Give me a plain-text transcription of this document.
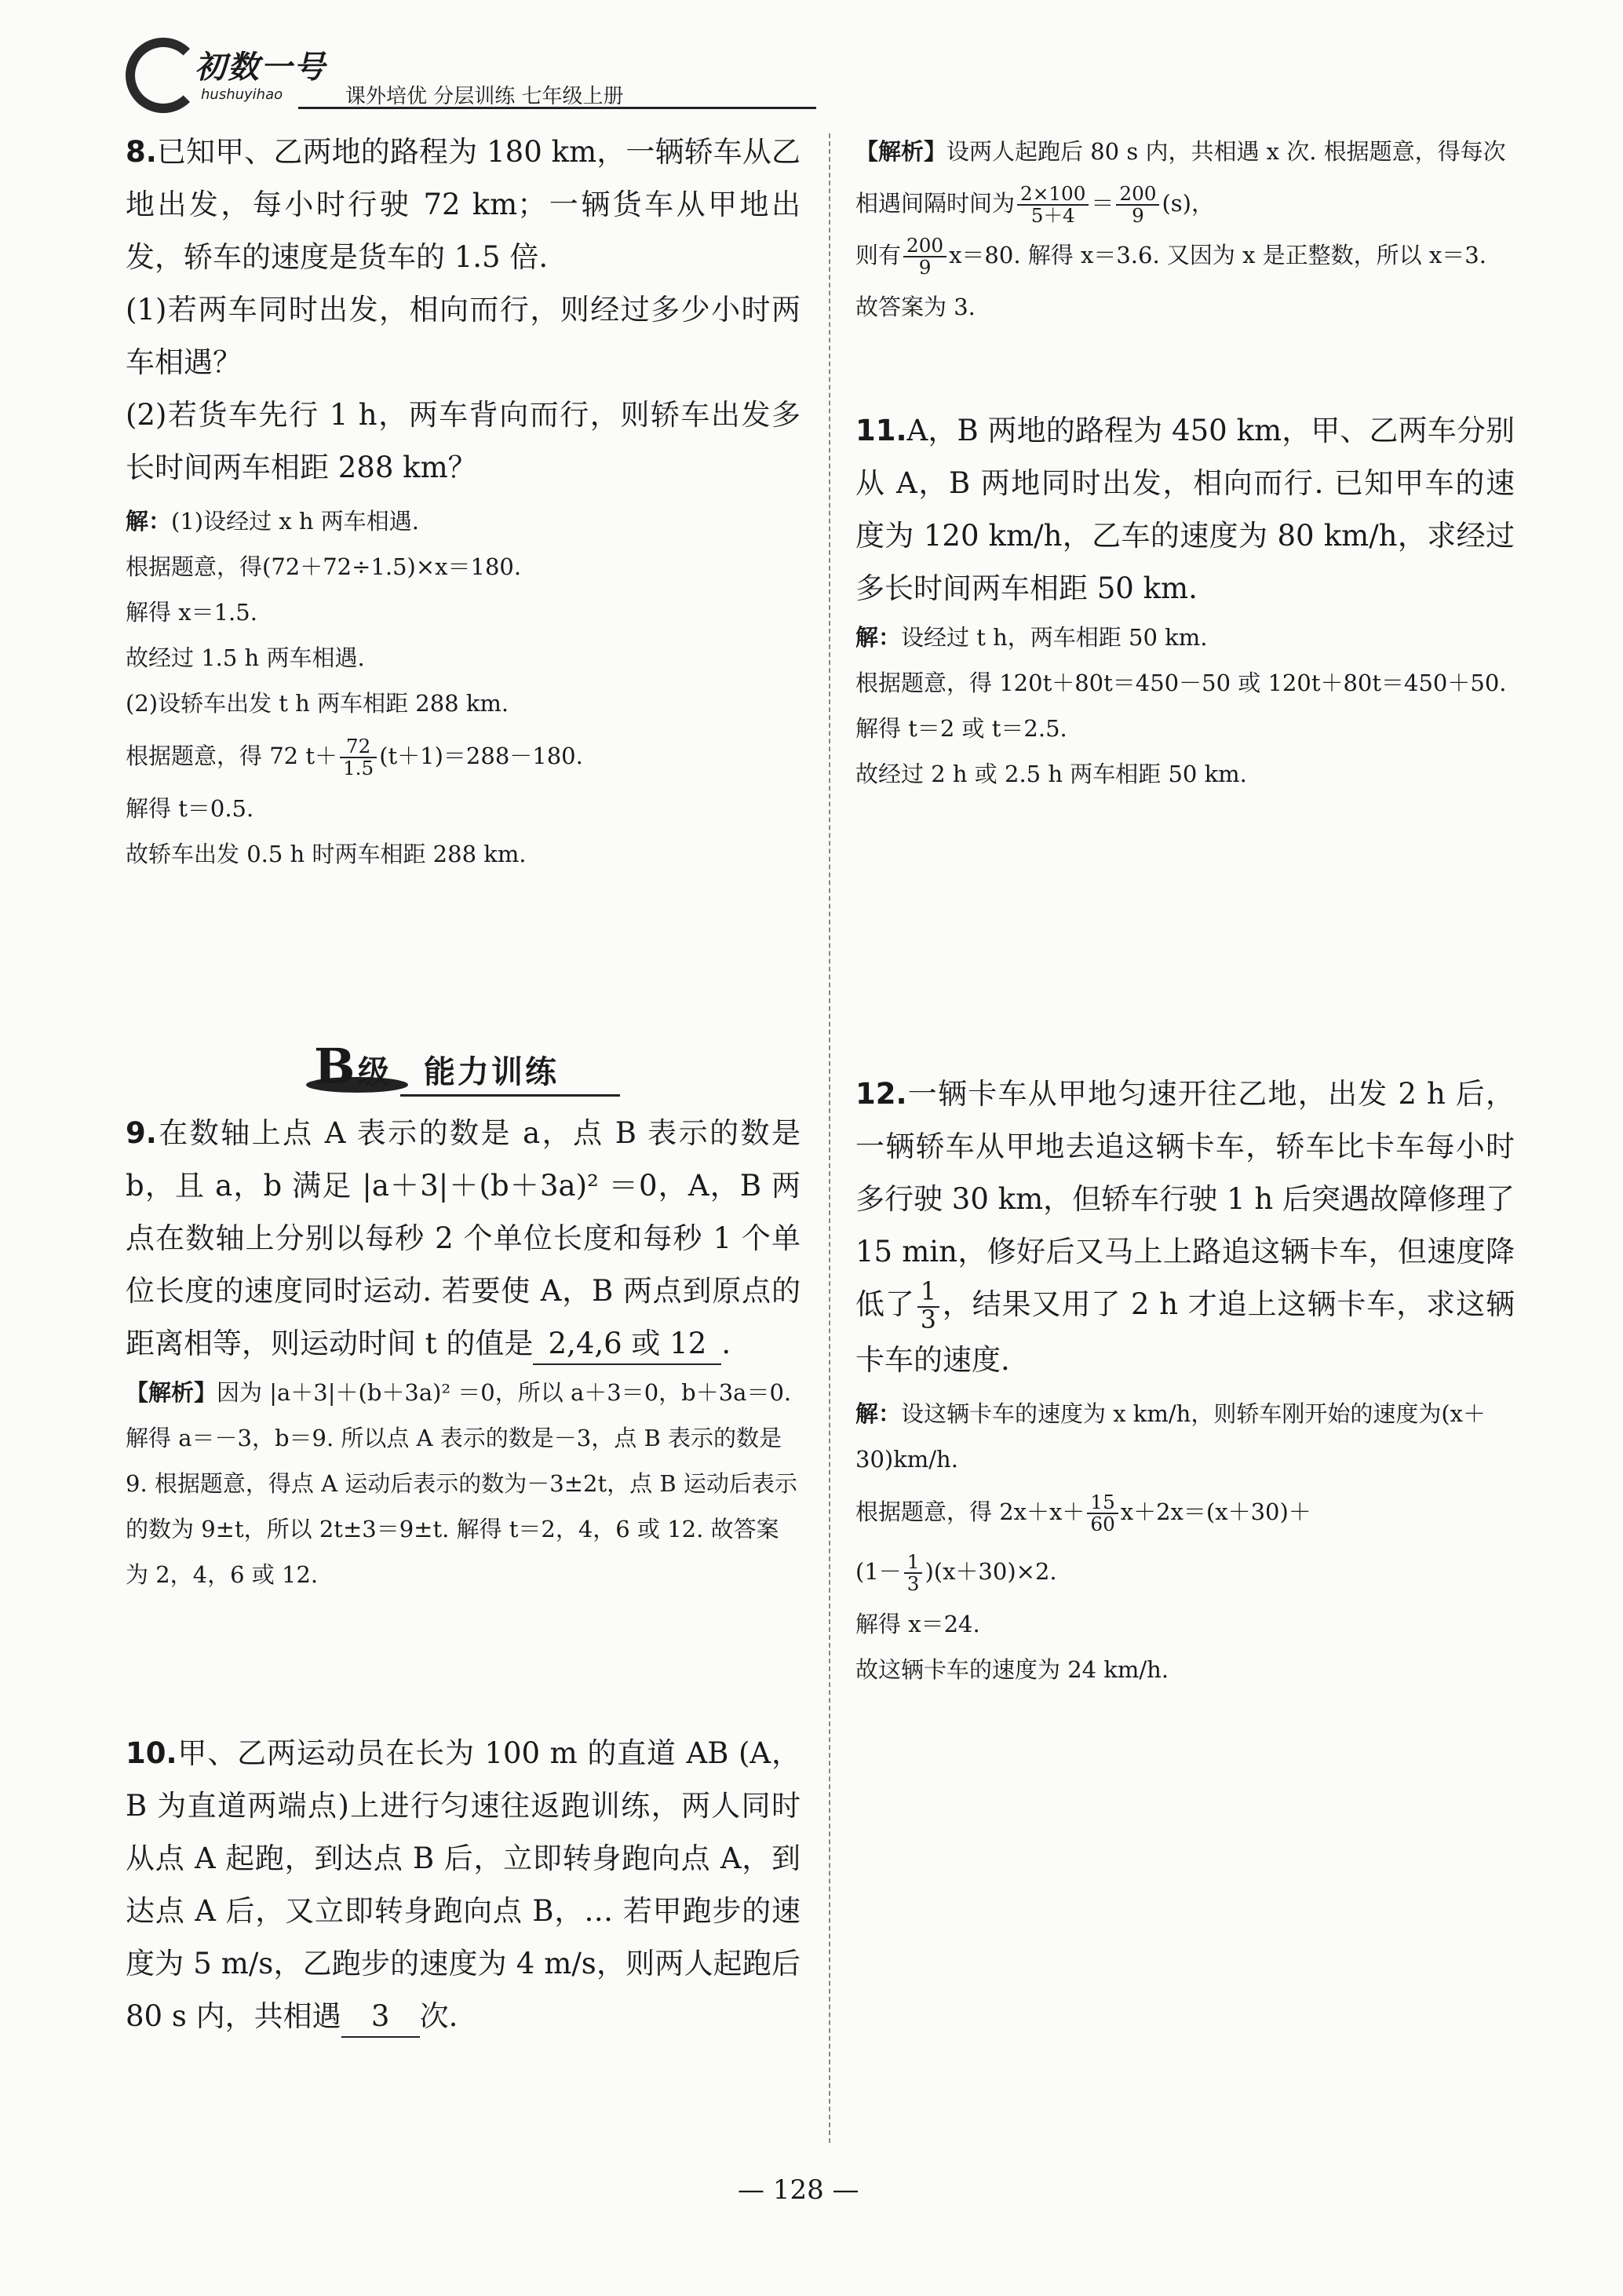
初数一号
hushuyihao	课外培优 分层训练 七年级上册

8.已知甲、乙两地的路程为 180 km，一辆轿车从乙地出发，每小时行驶 72 km；一辆货车从甲地出发，轿车的速度是货车的 1.5 倍.

(1)若两车同时出发，相向而行，则经过多少小时两车相遇？

(2)若货车先行 1 h，两车背向而行，则轿车出发多长时间两车相距 288 km？

解：(1)设经过 x h 两车相遇.

根据题意，得(72＋72÷1.5)×x＝180.

解得 x＝1.5.

故经过 1.5 h 两车相遇.

(2)设轿车出发 t h 两车相距 288 km.

根据题意，得 72 $t+ \frac{72}{1.5} (t+1)=288-180$.

解得 t＝0.5.

故轿车出发 0.5 h 时两车相距 288 km.

B 级 能力训练

9.在数轴上点 A 表示的数是 a，点 B 表示的数是 b，且 a，b 满足 |a＋3|＋(b＋3a)² ＝0，A，B 两点在数轴上分别以每秒 2 个单位长度和每秒 1 个单位长度的速度同时运动. 若要使 A，B 两点到原点的距离相等，则运动时间 t 的值是 2,4,6 或 12 .

【解析】因为 |a＋3|＋(b＋3a)² ＝0，所以 a＋3＝0，b＋3a＝0. 解得 a＝－3，b＝9. 所以点 A 表示的数是－3，点 B 表示的数是 9. 根据题意，得点 A 运动后表示的数为－3±2t，点 B 运动后表示的数为 9±t，所以 2t±3＝9±t. 解得 t＝2，4，6 或 12. 故答案为 2，4，6 或 12.

10.甲、乙两运动员在长为 100 m 的直道 AB (A，B 为直道两端点)上进行匀速往返跑训练，两人同时从点 A 起跑，到达点 B 后，立即转身跑向点 A，到达点 A 后，又立即转身跑向点 B，… 若甲跑步的速度为 5 m/s，乙跑步的速度为 4 m/s，则两人起跑后 80 s 内，共相遇 3 次.

【解析】设两人起跑后 80 s 内，共相遇 x 次. 根据题意，得每次相遇间隔时间为 $\frac{2\times 100}{5+4} = \frac{200}{9} (s)$，

则有 $\frac{200}{9} x=80$. 解得 x＝3.6. 又因为 x 是正整数，所以 x＝3. 故答案为 3.

11.A，B 两地的路程为 450 km，甲、乙两车分别从 A，B 两地同时出发，相向而行. 已知甲车的速度为 120 km/h，乙车的速度为 80 km/h，求经过多长时间两车相距 50 km.

解：设经过 t h，两车相距 50 km.

根据题意，得 120t＋80t＝450－50 或 120t＋80t＝450＋50.

解得 t＝2 或 t＝2.5.

故经过 2 h 或 2.5 h 两车相距 50 km.

12.一辆卡车从甲地匀速开往乙地，出发 2 h 后，一辆轿车从甲地去追这辆卡车，轿车比卡车每小时多行驶 30 km，但轿车行驶 1 h 后突遇故障修理了 15 min，修好后又马上上路追这辆卡车，但速度降低了 $\frac{1}{3}$ ，结果又用了 2 h 才追上这辆卡车，求这辆卡车的速度.

解：设这辆卡车的速度为 x km/h，则轿车刚开始的速度为(x＋30)km/h.

根据题意，得 $2x+x+ \frac{15}{60} x+2x=(x+30)+$

$(1- \frac{1}{3} )(x+30)\times 2$.

解得 x＝24.

故这辆卡车的速度为 24 km/h.

— 128 —
